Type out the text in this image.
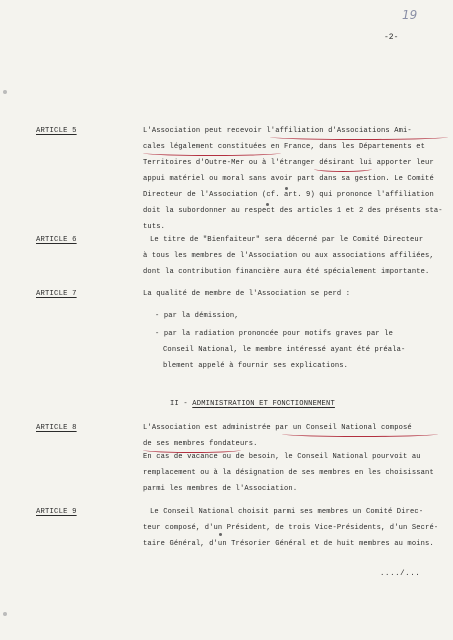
19
-2-
ARTICLE 5	L'Association peut recevoir l'affiliation d'Associations Ami-
cales légalement constituées en France, dans les Départements et
Territoires d'Outre-Mer ou à l'étranger désirant lui apporter leur
appui matériel ou moral sans avoir part dans sa gestion. Le Comité
Directeur de l'Association (cf. art. 9) qui prononce l'affiliation
doit la subordonner au respect des articles 1 et 2 des présents sta-
tuts.
ARTICLE 6	Le titre de "Bienfaiteur" sera décerné par le Comité Directeur
à tous les membres de l'Association ou aux associations affiliées,
dont la contribution financière aura été spécialement importante.
ARTICLE 7	La qualité de membre de l'Association se perd :
- par la démission,
- par la radiation prononcée pour motifs graves par le
Conseil National, le membre intéressé ayant été préala-
blement appelé à fournir ses explications.
II - ADMINISTRATION ET FONCTIONNEMENT
ARTICLE 8	L'Association est administrée par un Conseil National composé
de ses membres fondateurs.
En cas de vacance ou de besoin, le Conseil National pourvoit au
remplacement ou à la désignation de ses membres en les choisissant
parmi les membres de l'Association.
ARTICLE 9	Le Conseil National choisit parmi ses membres un Comité Direc-
teur composé, d'un Président, de trois Vice-Présidents, d'un Secré-
taire Général, d'un Trésorier Général et de huit membres au moins.
..../...
